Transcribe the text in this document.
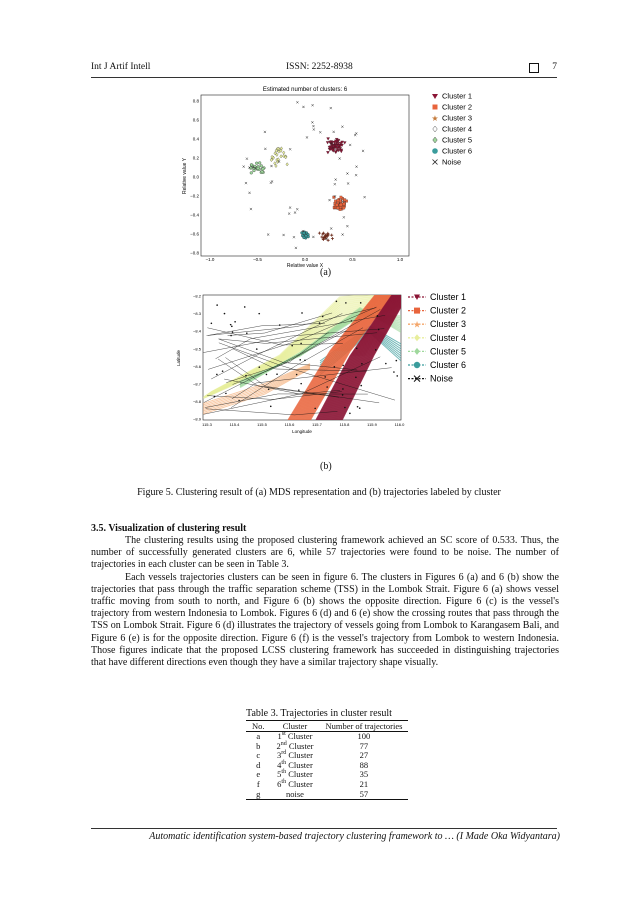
Int J Artif Intell	ISSN: 2252-8938	7
Estimated number of clusters: 6
−1.0	−0.5	0.0	0.5	1.0
0.8
0.6
0.4
0.2
0.0
−0.2
−0.4
−0.6
−0.8
Relative value X
Relative value Y
Cluster 1
Cluster 2
Cluster 3
★
Cluster 4
Cluster 5
Cluster 6
Noise
(a)
115.3	115.4	115.5	115.6	115.7	115.8	115.9	116.0
−8.2
−8.3
−8.4
−8.5
−8.6
−8.7
−8.8
−8.9
Longitude
Latitude
Cluster 1
Cluster 2
Cluster 3
★
Cluster 4
Cluster 5
Cluster 6
Noise
(b)
Figure 5. Clustering result of (a) MDS representation and (b) trajectories labeled by cluster
3.5. Visualization of clustering result

The clustering results using the proposed clustering framework achieved an SC score of 0.533. Thus, the number of successfully generated clusters are 6, while 57 trajectories were found to be noise. The number of trajectories in each cluster can be seen in Table 3.

Each vessels trajectories clusters can be seen in figure 6. The clusters in Figures 6 (a) and 6 (b) show the trajectories that pass through the traffic separation scheme (TSS) in the Lombok Strait. Figure 6 (a) shows vessel traffic moving from south to north, and Figure 6 (b) shows the opposite direction. Figure 6 (c) is the vessel's trajectory from western Indonesia to Lombok. Figures 6 (d) and 6 (e) show the crossing routes that pass through the TSS on Lombok Strait. Figure 6 (d) illustrates the trajectory of vessels going from Lombok to Karangasem Bali, and Figure 6 (e) is for the opposite direction. Figure 6 (f) is the vessel's trajectory from Lombok to western Indonesia. Those figures indicate that the proposed LCSS clustering framework has succeeded in distinguishing trajectories that have different directions even though they have a similar trajectory shape visually.

Table 3. Trajectories in cluster result
No.	Cluster	Number of trajectories
a	1st Cluster	100
b	2nd Cluster	77
c	3rd Cluster	27
d	4th Cluster	88
e	5th Cluster	35
f	6th Cluster	21
g	noise	57
Automatic identification system-based trajectory clustering framework to … (I Made Oka Widyantara)
